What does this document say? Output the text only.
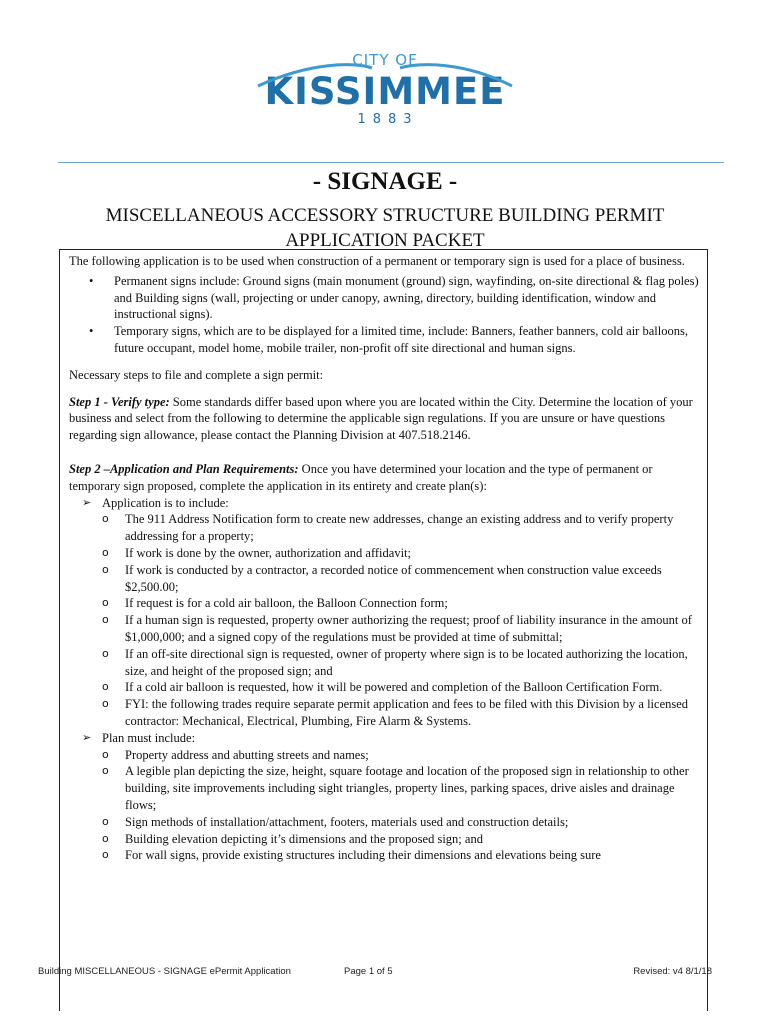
CITY OF
KISSIMMEE
1883
- SIGNAGE -
MISCELLANEOUS ACCESSORY STRUCTURE BUILDING PERMIT
APPLICATION PACKET

The following application is to be used when construction of a permanent or temporary sign is used for a place of business.

• Permanent signs include: Ground signs (main monument (ground) sign, wayfinding, on-site directional & flag poles) and Building signs (wall, projecting or under canopy, awning, directory, building identification, window and instructional signs).
• Temporary signs, which are to be displayed for a limited time, include: Banners, feather banners, cold air balloons, future occupant, model home, mobile trailer, non-profit off site directional and human signs.

Necessary steps to file and complete a sign permit:

Step 1 - Verify type: Some standards differ based upon where you are located within the City. Determine the location of your business and select from the following to determine the applicable sign regulations. If you are unsure or have questions regarding sign allowance, please contact the Planning Division at 407.518.2146.

Step 2 –Application and Plan Requirements: Once you have determined your location and the type of permanent or temporary sign proposed, complete the application in its entirety and create plan(s):

➢ Application is to include:
o The 911 Address Notification form to create new addresses, change an existing address and to verify property addressing for a property;
o If work is done by the owner, authorization and affidavit;
o If work is conducted by a contractor, a recorded notice of commencement when construction value exceeds $2,500.00;
o If request is for a cold air balloon, the Balloon Connection form;
o If a human sign is requested, property owner authorizing the request; proof of liability insurance in the amount of $1,000,000; and a signed copy of the regulations must be provided at time of submittal;
o If an off-site directional sign is requested, owner of property where sign is to be located authorizing the location, size, and height of the proposed sign; and
o If a cold air balloon is requested, how it will be powered and completion of the Balloon Certification Form.
o FYI: the following trades require separate permit application and fees to be filed with this Division by a licensed contractor: Mechanical, Electrical, Plumbing, Fire Alarm & Systems.
➢ Plan must include:
o Property address and abutting streets and names;
o A legible plan depicting the size, height, square footage and location of the proposed sign in relationship to other building, site improvements including sight triangles, property lines, parking spaces, drive aisles and drainage flows;
o Sign methods of installation/attachment, footers, materials used and construction details;
o Building elevation depicting it’s dimensions and the proposed sign; and
o For wall signs, provide existing structures including their dimensions and elevations being sure
Building MISCELLANEOUS - SIGNAGE ePermit Application	Page 1 of 5	Revised: v4 8/1/18
